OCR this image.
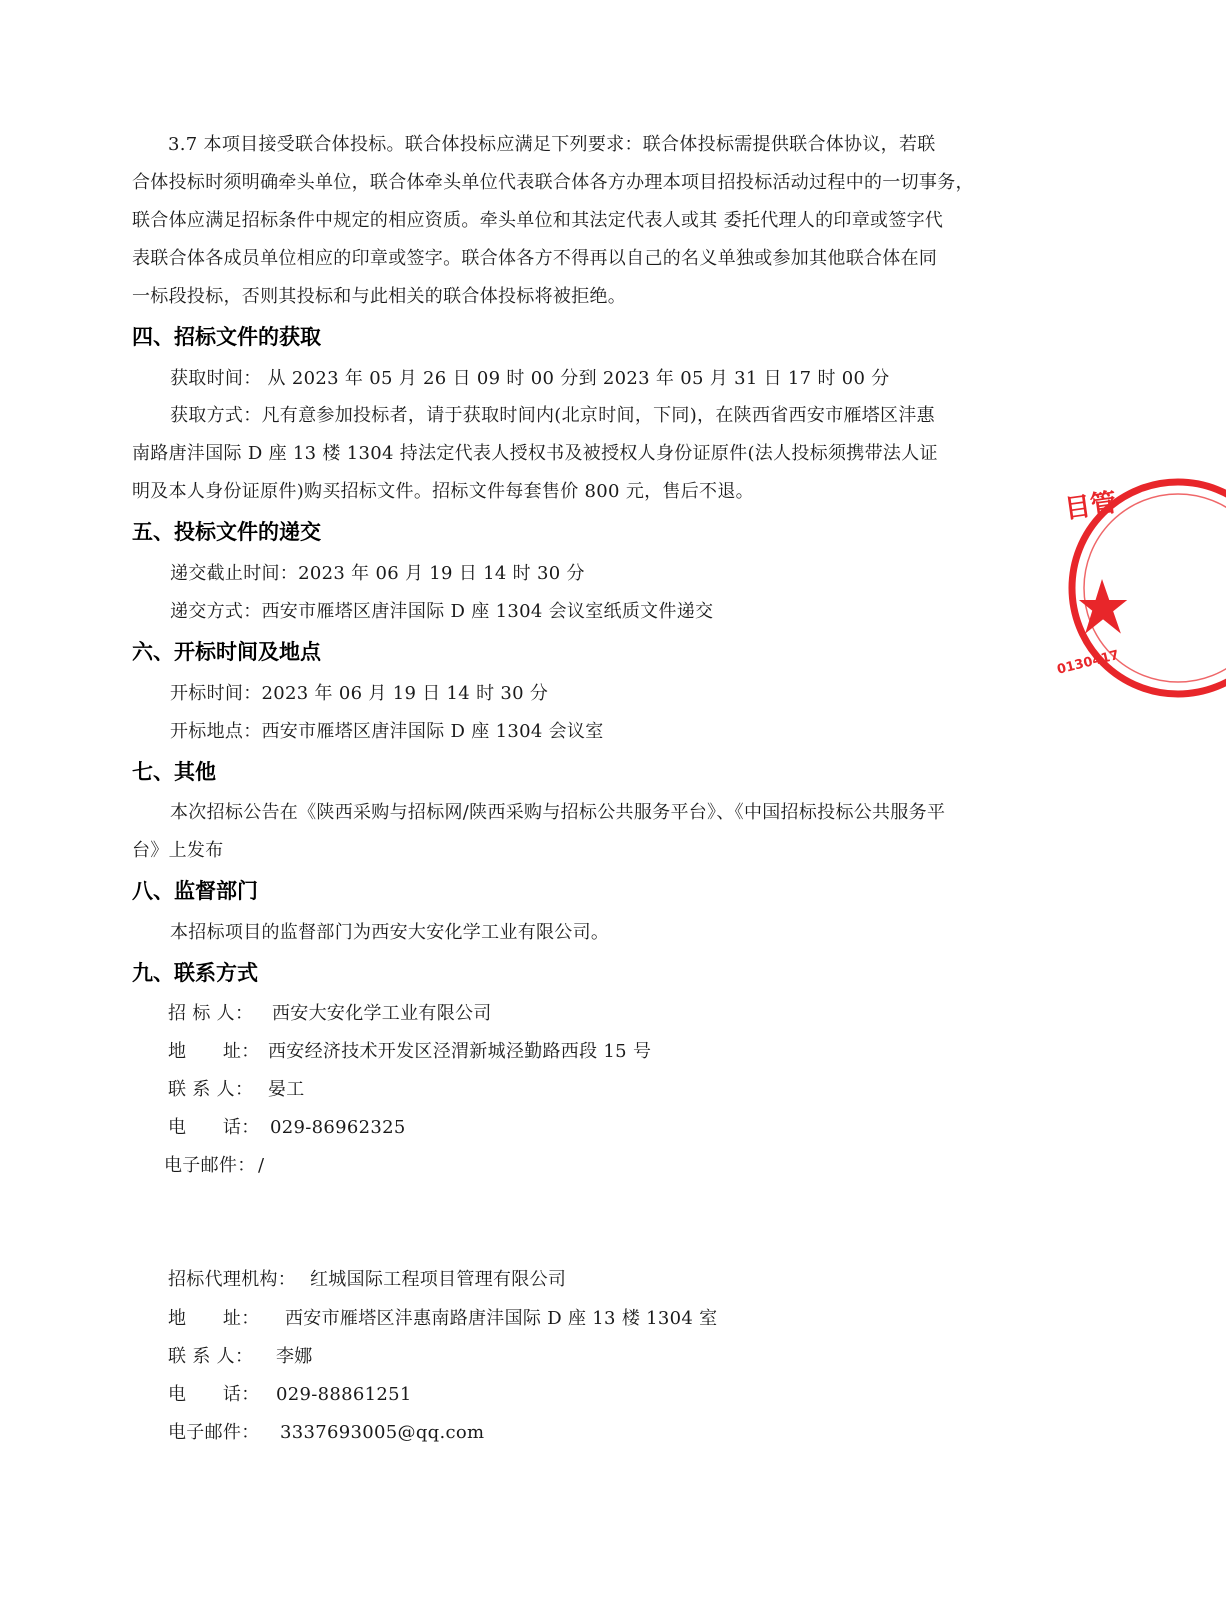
3.7 本项目接受联合体投标。联合体投标应满足下列要求：联合体投标需提供联合体协议，若联
合体投标时须明确牵头单位，联合体牵头单位代表联合体各方办理本项目招投标活动过程中的一切事务，
联合体应满足招标条件中规定的相应资质。牵头单位和其法定代表人或其 委托代理人的印章或签字代
表联合体各成员单位相应的印章或签字。联合体各方不得再以自己的名义单独或参加其他联合体在同
一标段投标，否则其投标和与此相关的联合体投标将被拒绝。
四、招标文件的获取
获取时间： 从 2023 年 05 月 26 日 09 时 00 分到 2023 年 05 月 31 日 17 时 00 分
获取方式：凡有意参加投标者，请于获取时间内(北京时间，下同)，在陕西省西安市雁塔区沣惠
南路唐沣国际 D 座 13 楼 1304 持法定代表人授权书及被授权人身份证原件(法人投标须携带法人证
明及本人身份证原件)购买招标文件。招标文件每套售价 800 元，售后不退。
五、投标文件的递交
递交截止时间：2023 年 06 月 19 日 14 时 30 分
递交方式：西安市雁塔区唐沣国际 D 座 1304 会议室纸质文件递交
六、开标时间及地点
开标时间：2023 年 06 月 19 日 14 时 30 分
开标地点：西安市雁塔区唐沣国际 D 座 1304 会议室
七、其他
本次招标公告在《陕西采购与招标网/陕西采购与招标公共服务平台》、《中国招标投标公共服务平
台》上发布
八、监督部门
本招标项目的监督部门为西安大安化学工业有限公司。
九、联系方式
招 标 人： 西安大安化学工业有限公司
地　　址： 西安经济技术开发区泾渭新城泾勤路西段 15 号
联 系 人： 晏工
电　　话： 029-86962325
电子邮件： /
招标代理机构： 红城国际工程项目管理有限公司
地　　址： 西安市雁塔区沣惠南路唐沣国际 D 座 13 楼 1304 室
联 系 人： 李娜
电　　话： 029-88861251
电子邮件： 3337693005@qq.com
目管
0130417
